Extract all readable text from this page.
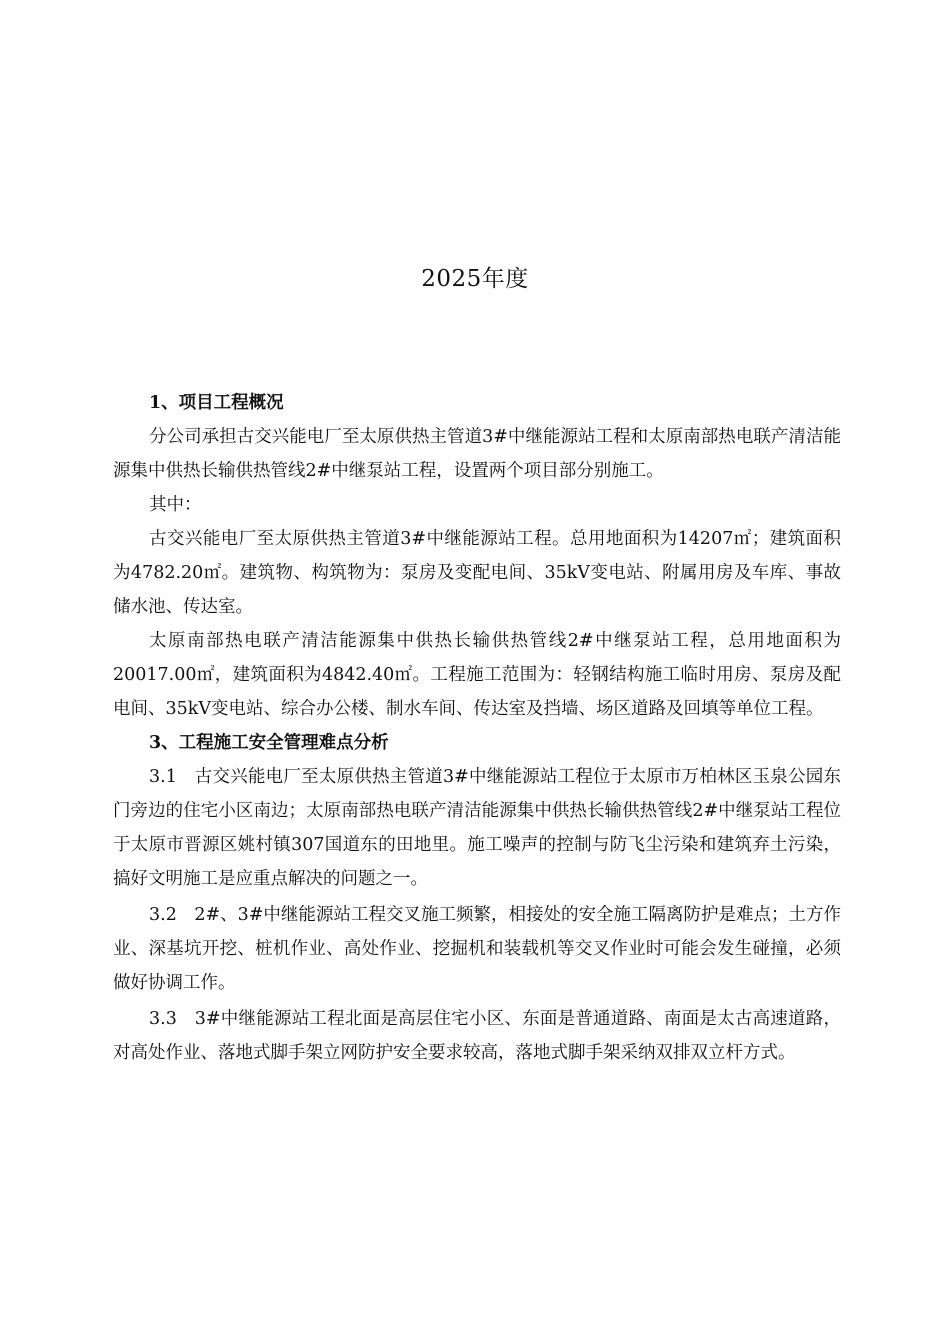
2025年度
1、项目工程概况

分公司承担古交兴能电厂至太原供热主管道3#中继能源站工程和太原南部热电联产清洁能源集中供热长输供热管线2#中继泵站工程，设置两个项目部分别施工。

其中：

古交兴能电厂至太原供热主管道3#中继能源站工程。总用地面积为14207㎡；建筑面积为4782.20㎡。建筑物、构筑物为：泵房及变配电间、35kV变电站、附属用房及车库、事故储水池、传达室。

太原南部热电联产清洁能源集中供热长输供热管线2#中继泵站工程，总用地面积为20017.00㎡，建筑面积为4842.40㎡。工程施工范围为：轻钢结构施工临时用房、泵房及配电间、35kV变电站、综合办公楼、制水车间、传达室及挡墙、场区道路及回填等单位工程。

3、工程施工安全管理难点分析

3.1　古交兴能电厂至太原供热主管道3#中继能源站工程位于太原市万柏林区玉泉公园东门旁边的住宅小区南边；太原南部热电联产清洁能源集中供热长输供热管线2#中继泵站工程位于太原市晋源区姚村镇307国道东的田地里。施工噪声的控制与防飞尘污染和建筑弃土污染，搞好文明施工是应重点解决的问题之一。

3.2　2#、3#中继能源站工程交叉施工频繁，相接处的安全施工隔离防护是难点；土方作业、深基坑开挖、桩机作业、高处作业、挖掘机和装载机等交叉作业时可能会发生碰撞，必须做好协调工作。

3.3　3#中继能源站工程北面是高层住宅小区、东面是普通道路、南面是太古高速道路，对高处作业、落地式脚手架立网防护安全要求较高，落地式脚手架采纳双排双立杆方式。
